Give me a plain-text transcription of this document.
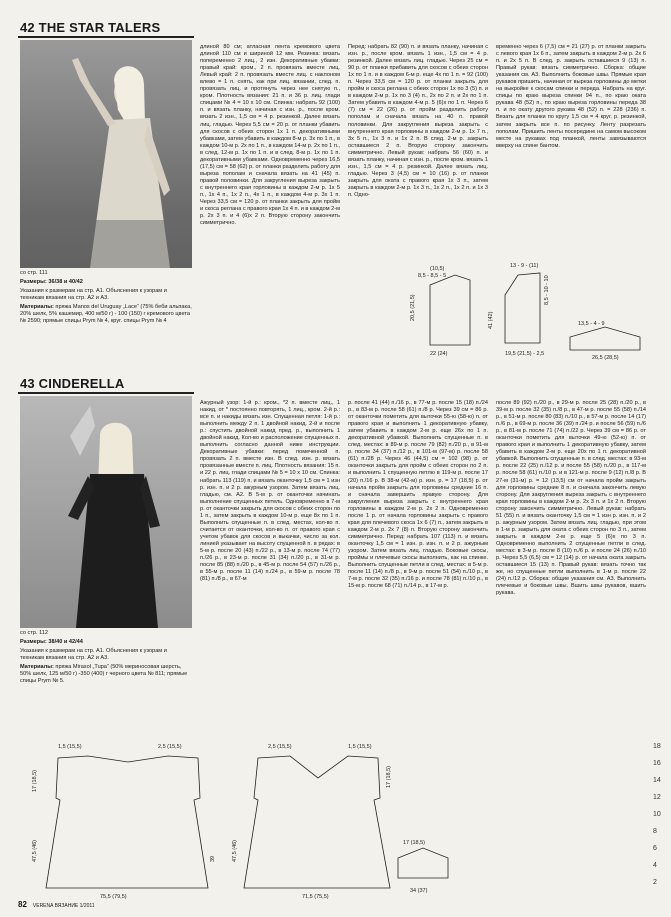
42 THE STAR TALERS

со стр. 111

Размеры: 36/38 и 40/42

Указания к размерам на стр. А1. Объяснения к узорам и техникам вязания на стр. А2 и А3.

Материалы: пряжа Manos del Uruguay „Lace“ (75% беби альпака, 20% шелк, 5% кашемир, 400 м/50 г) - 100 (150) г кремового цвета № 2590; прямые спицы Prym № 4, круг. спицы Prym № 4

длиной 80 см; атласная лента кремового цвета длиной 110 см и шириной 12 мм. Резинка: вязать попеременно 2 лиц., 2 изн. Декоративные убавки: правый край: кром., 2 п. провязать вместе лиц. Левый край: 2 п. провязать вместе лиц. с наклоном влево = 1 п. снять, как при лиц. вязании, след. п. провязать лиц. и протянуть через нее снятую п., кром. Плотность вязания: 21 п. и 36 р. лиц. глади спицами № 4 = 10 х 10 см. Спинка: набрать 92 (100) п. и вязать планку, начиная с изн. р., после кром. вязать 2 изн., 1,5 см = 4 р. резинкой. Далее вязать лиц. гладью. Через 5,5 см = 20 р. от планки убавить для скосов с обеих сторон 1х 1 п. декоративными убавками, затем убавить в каждом 8-м р. 3х по 1 п., в каждом 10-м р. 2х по 1 п., в каждом 14-м р. 2х по 1 п., в след. 12-м р. 1х по 1 п. и в след. 8-м р. 1х по 1 п. декоративными убавками. Одновременно через 16,5 (17,5) см = 58 (62) р. от планки разделить работу для выреза пополам и сначала вязать на 41 (45) п. правой половинки. Для закругления выреза закрыть с внутреннего края горловины в каждом 2-м р. 1х 5 п., 1х 4 п., 1х 2 п., 4х 1 п., в каждом 4-м р. 3х 1 п. Через 33,5 см = 120 р. от планки закрыть для пройм и скоса реглана с правого края 1х 4 п. и в каждом 2-м р. 2х 3 п. и 4 (6)х 2 п. Вторую сторону закончить симметрично.
Перед: набрать 82 (90) п. и вязать планку, начиная с изн. р., после кром. вязать 1 изн., 1,5 см = 4 р. резинкой. Далее вязать лиц. гладью. Через 25 см = 90 р. от планки прибавить для скосов с обеих сторон 1х по 1 п. и в каждом 6-м р. еще 4х по 1 п. = 92 (100) п. Через 33,5 см = 120 р. от планки закрыть для пройм и скоса реглана с обеих сторон 1х по 3 (5) п. и в каждом 2-м р. 1х по 3 (4) п., 2х по 2 п. и 2х по 1 п. Затем убавить в каждом 4-м р. 5 (6)х по 1 п. Через 6 (7) см = 22 (26) р. от пройм разделить работу пополам и сначала вязать на 40 п. правой половинки. Для закругления выреза закрыть с внутреннего края горловины в каждом 2-м р. 1х 7 п., 3х 5 п., 1х 3 п. и 1х 2 п. В след. 2-м р. закрыть оставшиеся 2 п. Вторую сторону закончить симметрично. Левый рукав: набрать 56 (60) п. и вязать планку, начиная с изн. р., после кром. вязать 1 изн., 1,5 см = 4 р. резинкой. Далее вязать лиц. гладью. Через 3 (4,5) см = 10 (16) р. от планки закрыть для оката с правого края 1х 3 п., затем закрыть в каждом 2-м р. 1х 3 п., 1х 2 п., 1х 2 п. и 1х 3 п. Одно-
временно через 6 (7,5) см = 21 (27) р. от планки закрыть с левого края 1х 6 п., затем закрыть в каждом 2-м р. 2х 6 п. и 2х 5 п. В след. р. закрыть оставшиеся 9 (13) п. Правый рукав: вязать симметрично. Сборка: общие указания см. А3. Выполнить боковые швы. Прямые края рукавов пришить, начиная от выреза горловины до метки на выкройке к скосам спинки и переда. Набрать на круг. спицы по краю выреза спинки 94 п., по краю оката рукава 48 (52) п., по краю выреза горловины переда 38 п. и по окату другого рукава 48 (52) п. = 228 (236) п. Вязать для планки по кругу 1,5 см = 4 круг. р. резинкой, затем закрыть все п. по рисунку. Ленту разрезать пополам. Пришить ленты посередине на самом высоком месте на рукавах под планкой, ленты завязываются вверху на спине бантом.
(10,5)
8,5 - 8,5 - 5
20,5 (21,5)
22 (24)
13 - 9 - (11)
8,5 - 10 - 10
41 (42)
19,5 (21,5) - 2,5
13,5 - 4 - 9
26,5 (28,5)
43 CINDERELLA

со стр. 112

Размеры: 38/40 и 42/44

Указания к размерам на стр. А1. Объяснения к узорам и техникам вязания на стр. А2 и А3.

Материалы: пряжа Mirasol „Tupa“ (50% мериносовая шерсть, 50% шелк, 125 м/50 г) -350 (400) г черного цвета № 811; прямые спицы Prym № 5.

Ажурный узор: 1-й р.: кром., *2 п. вместе лиц., 1 накид, от * постоянно повторять, 1 лиц., кром. 2-й р.: все п. и накиды вязать изн. Спущенная петля: 1-й р.: выполнить между 2 п. 1 двойной накид. 2-й и после р.: спустить двойной накид пред. р., выполнить 1 двойной накид. Кол-во и расположение спущенных п. выполнить согласно данной ниже инструкции. Декоративные убавки: перед помеченной п. провязать 2 п. вместе изн. В след. изн. р. вязать провязанные вместе п. лиц. Плотность вязания: 15 п. и 22 р. лиц. глади спицами № 5 = 10 х 10 см. Спинка: набрать 113 (119) п. и вязать оканточку 1,5 см = 1 изн р. изн. п. и 2 р. ажурным узором. Затем вязать лиц. гладью, см. А2. В 5-м р. от оканточки начинать выполнение спущенных петель. Одновременно в 7-м р. от оканточки закрыть для скосов с обеих сторон по 1 п., затем закрыть в каждом 10-м р. еще 8х по 1 п. Выполнить спущенные п. в след. местах, кол-во п. считается от оканточки, кол-во п. от правого края с учетом убавок для скосов и выкачки, число за кол. линией указывает на высоту спущенной п. в рядах: в 5-м р. после 20 (43) п./22 р., в 13-м р. после 74 (77) п./26 р., в 23-м р. после 31 (34) п./20 р., в 31-м р. после 85 (88) п./20 р., в 45-м р. после 54 (57) п./26 р., в 55-м р. после 11 (14) п./24 р., в 59-м р. после 78 (81) п./8 р., в 67-м
р. после 41 (44) п./16 р., в 77-м р. после 15 (18) п./24 р., в 83-м р. после 58 (61) п./8 р. Через 39 см = 86 р. от оканточки пометить для выточки 55-ю (58-ю) п. от правого края и выполнить 1 декоративную убавку, затем убавить в каждом 2-м р. еще 26х по 1 п. декоративной убавкой. Выполнить спущенные п. в след. местах: в 89-м р. после 79 (82) п./20 р., в 91-м р. после 34 (37) п./12 р., в 101-м (97-м) р. после 58 (61) п./28 р. Через 46 (44,5) см = 102 (98) р. от оканточки закрыть для пройм с обеих сторон по 2 п. и выполнить 1 спущенную петлю в 119-м р. после 17 (20) п./16 р. В 38-м (42-м) р. изн. р. = 17 (18,5) р. от начала пройм закрыть для горловины средние 16 п. и сначала завершить правую сторону. Для закругления выреза закрыть с внутреннего края горловины в каждом 2-м р. 2х 2 п. Одновременно после 1 р. от начала горловины закрыть с правого края для плечевого скоса 1х 6 (7) п., затем закрыть в каждом 2-м р. 2х 7 (8) п. Вторую сторону закончить симметрично. Перед: набрать 107 (113) п. и вязать оканточку 1,5 см = 1 изн. р. изн. п. и 2 р. ажурным узором. Затем вязать лиц. гладью. Боковые скосы, проймы и плечевые скосы выполнить, как на спинке. Выполнить спущенные петли в след. местах: в 5-м р. после 11 (14) п./8 р., в 9-м р. после 51 (54) п./10 р., в 7-м р. после 32 (35) п./16 р. и после 78 (81) п./10 р., в 15-м р. после 68 (71) п./14 р., в 17-м р.
после 89 (92) п./20 р., в 29-м р. после 25 (28) п./20 р., в 39-м р. после 32 (35) п./8 р., в 47-м р. после 55 (58) п./14 р., в 51-м р. после 80 (83) п./10 р., в 57-м р. после 14 (17) п./6 р., в 69-м р. после 36 (39) п./24 р. и после 56 (59) п./6 р., в 81-м р. после 71 (74) п./22 р. Через 39 см = 86 р. от оканточки пометить для выточки 49-ю (52-ю) п. от правого края и выполнить 1 декоративную убавку, затем убавить в каждом 2-м р. еще 20х по 1 п. декоративной убавкой. Выполнить спущенные п. в след. местах: в 93-м р. после 22 (25) п./12 р. и после 55 (58) п./20 р., в 117-м р. после 58 (61) п./10 р. и в 121-м р. после 9 (12) п./8 р. В 27-м (31-м) р. = 12 (13,5) см от начала пройм закрыть для горловины средние 8 п. и сначала закончить левую сторону. Для закругления выреза закрыть с внутреннего края горловины в каждом 2-м р. 2х 3 п. и 1х 2 п. Вторую сторону закончить симметрично. Левый рукав: набрать 51 (55) п. и вязать оканточку 1,5 см = 1 изн р. изн. п. и 2 р. ажурным узором. Затем вязать лиц. гладью, при этом в 1-м р. закрыть для оката с обеих сторон по 3 п., затем закрыть в каждом 2-м р. еще 5 (6)х по 3 п. Одновременно выполнить 2 спущенные петли в след. местах: в 3-м р. после 8 (10) п./6 р. и после 24 (26) п./10 р. Через 5,5 (6,5) см = 12 (14) р. от начала оката закрыть оставшиеся 15 (13) п. Правый рукав: вязать точно так же, но спущенные петли выполнить в 1-м р. после 22 (24) п./12 р. Сборка: общие указания см. А3. Выполнить плечевые и боковые швы. Вшить швы рукавов, вшить рукава.
1,5 (15,5)	2,5 (15,5)
47,5 (46)
17 (18,5)
39
75,5 (79,5)
2,5 (15,5)	1,5 (15,5)
47,5 (46)
17 (18,5)
71,5 (75,5)
17 (18,5)
34 (37)
18
16
14
12
10
8
6
4
2
82 VERENA ВЯЗАНИЕ 1/2011
